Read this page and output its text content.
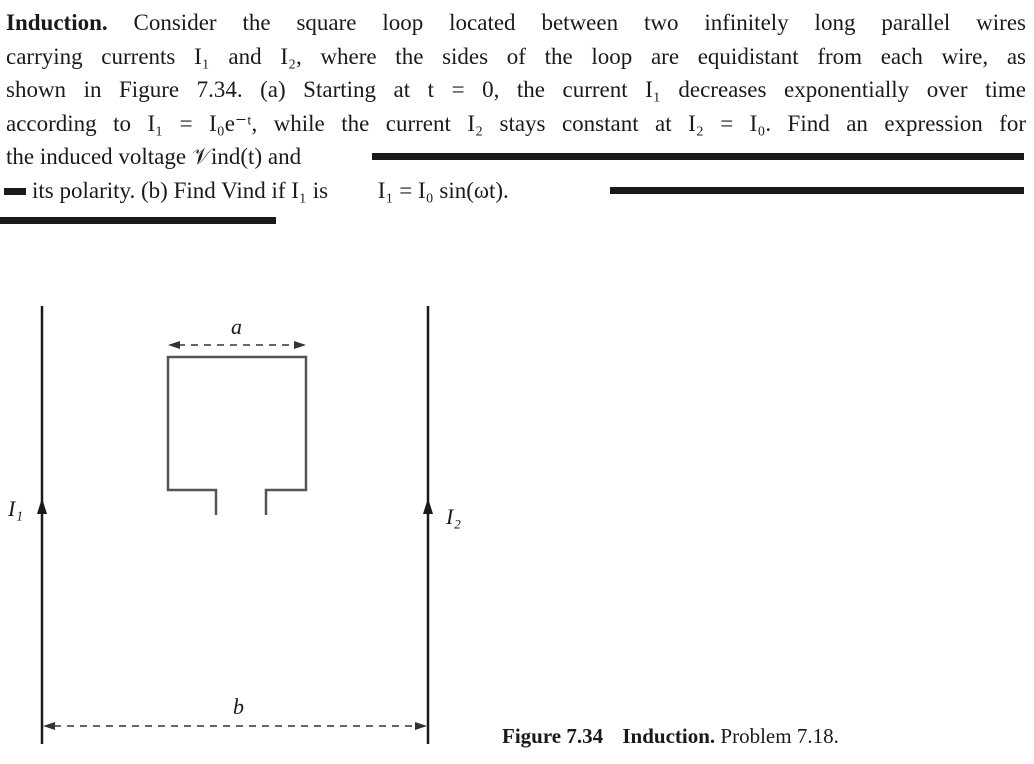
Induction. Consider the square loop located between two infinitely long parallel wires
carrying currents I₁ and I₂, where the sides of the loop are equidistant from each wire, as
shown in Figure 7.34. (a) Starting at t = 0, the current I₁ decreases exponentially over time
according to I₁ = I₀e⁻ᵗ, while the current I₂ stays constant at I₂ = I₀. Find an expression for
the induced voltage 𝒱ind(t) and
its polarity. (b) Find Vind if I₁ is I₁ = I₀ sin(ωt).
I₁	I₂
a
b
Figure 7.34 Induction. Problem 7.18.
